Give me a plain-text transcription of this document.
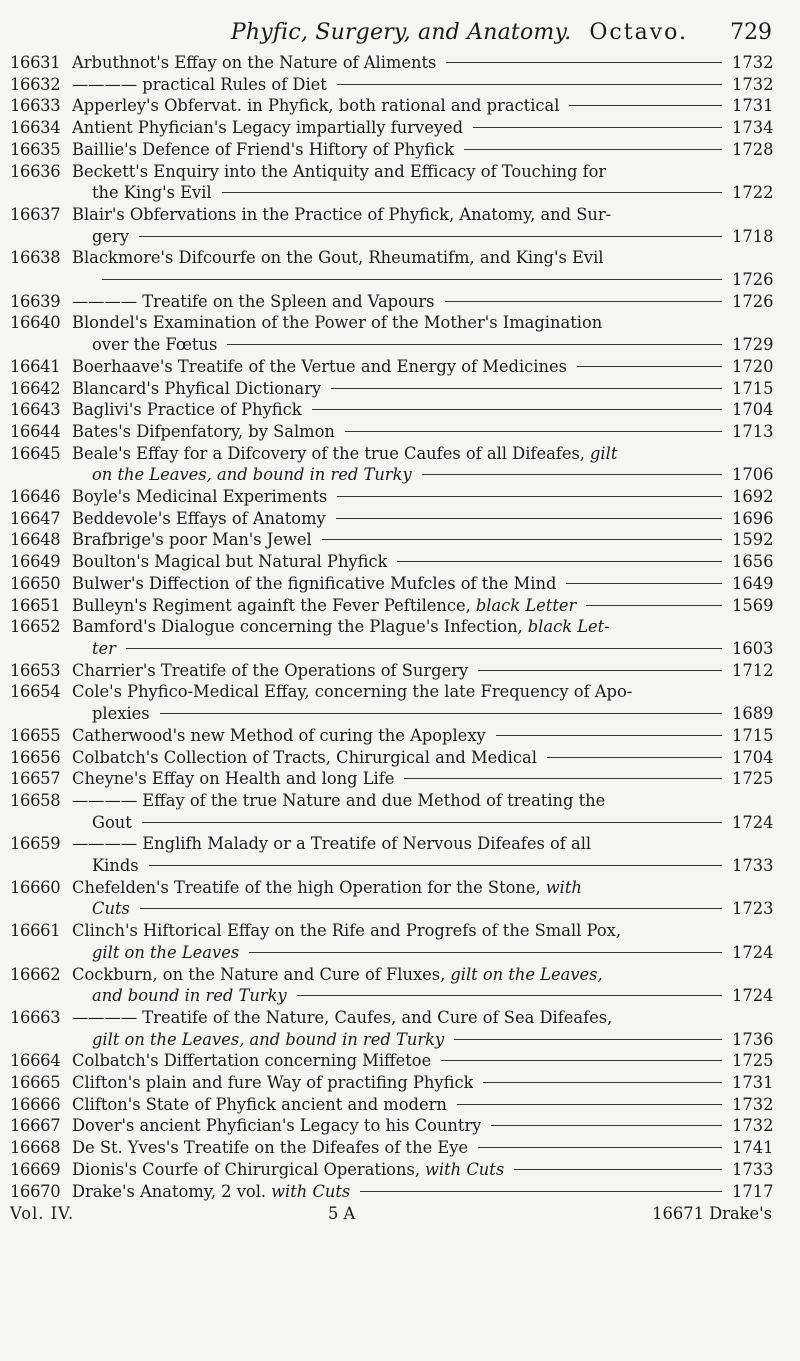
Phyfic, Surgery, and Anatomy. Octavo. 729
16631 Arbuthnot's Effay on the Nature of Aliments	1732
16632 ———— practical Rules of Diet	1732
16633 Apperley's Obfervat. in Phyfick, both rational and practical	1731
16634 Antient Phyfician's Legacy impartially furveyed	1734
16635 Baillie's Defence of Friend's Hiftory of Phyfick	1728
16636 Beckett's Enquiry into the Antiquity and Efficacy of Touching for
the King's Evil	1722
16637 Blair's Obfervations in the Practice of Phyfick, Anatomy, and Sur-
gery	1718
16638 Blackmore's Difcourfe on the Gout, Rheumatifm, and King's Evil
1726
16639 ———— Treatife on the Spleen and Vapours	1726
16640 Blondel's Examination of the Power of the Mother's Imagination
over the Fœtus	1729
16641 Boerhaave's Treatife of the Vertue and Energy of Medicines	1720
16642 Blancard's Phyfical Dictionary	1715
16643 Baglivi's Practice of Phyfick	1704
16644 Bates's Difpenfatory, by Salmon	1713
16645 Beale's Effay for a Difcovery of the true Caufes of all Difeafes, gilt
on the Leaves, and bound in red Turky	1706
16646 Boyle's Medicinal Experiments	1692
16647 Beddevole's Effays of Anatomy	1696
16648 Brafbrige's poor Man's Jewel	1592
16649 Boulton's Magical but Natural Phyfick	1656
16650 Bulwer's Diffection of the fignificative Mufcles of the Mind	1649
16651 Bulleyn's Regiment againft the Fever Peftilence, black Letter	1569
16652 Bamford's Dialogue concerning the Plague's Infection, black Let-
ter	1603
16653 Charrier's Treatife of the Operations of Surgery	1712
16654 Cole's Phyfico-Medical Effay, concerning the late Frequency of Apo-
plexies	1689
16655 Catherwood's new Method of curing the Apoplexy	1715
16656 Colbatch's Collection of Tracts, Chirurgical and Medical	1704
16657 Cheyne's Effay on Health and long Life	1725
16658 ———— Effay of the true Nature and due Method of treating the
Gout	1724
16659 ———— Englifh Malady or a Treatife of Nervous Difeafes of all
Kinds	1733
16660 Chefelden's Treatife of the high Operation for the Stone, with
Cuts	1723
16661 Clinch's Hiftorical Effay on the Rife and Progrefs of the Small Pox,
gilt on the Leaves	1724
16662 Cockburn, on the Nature and Cure of Fluxes, gilt on the Leaves,
and bound in red Turky	1724
16663 ———— Treatife of the Nature, Caufes, and Cure of Sea Difeafes,
gilt on the Leaves, and bound in red Turky	1736
16664 Colbatch's Differtation concerning Miffetoe	1725
16665 Clifton's plain and fure Way of practifing Phyfick	1731
16666 Clifton's State of Phyfick ancient and modern	1732
16667 Dover's ancient Phyfician's Legacy to his Country	1732
16668 De St. Yves's Treatife on the Difeafes of the Eye	1741
16669 Dionis's Courfe of Chirurgical Operations, with Cuts	1733
16670 Drake's Anatomy, 2 vol. with Cuts	1717
Vol. IV.	5 A	16671 Drake's
